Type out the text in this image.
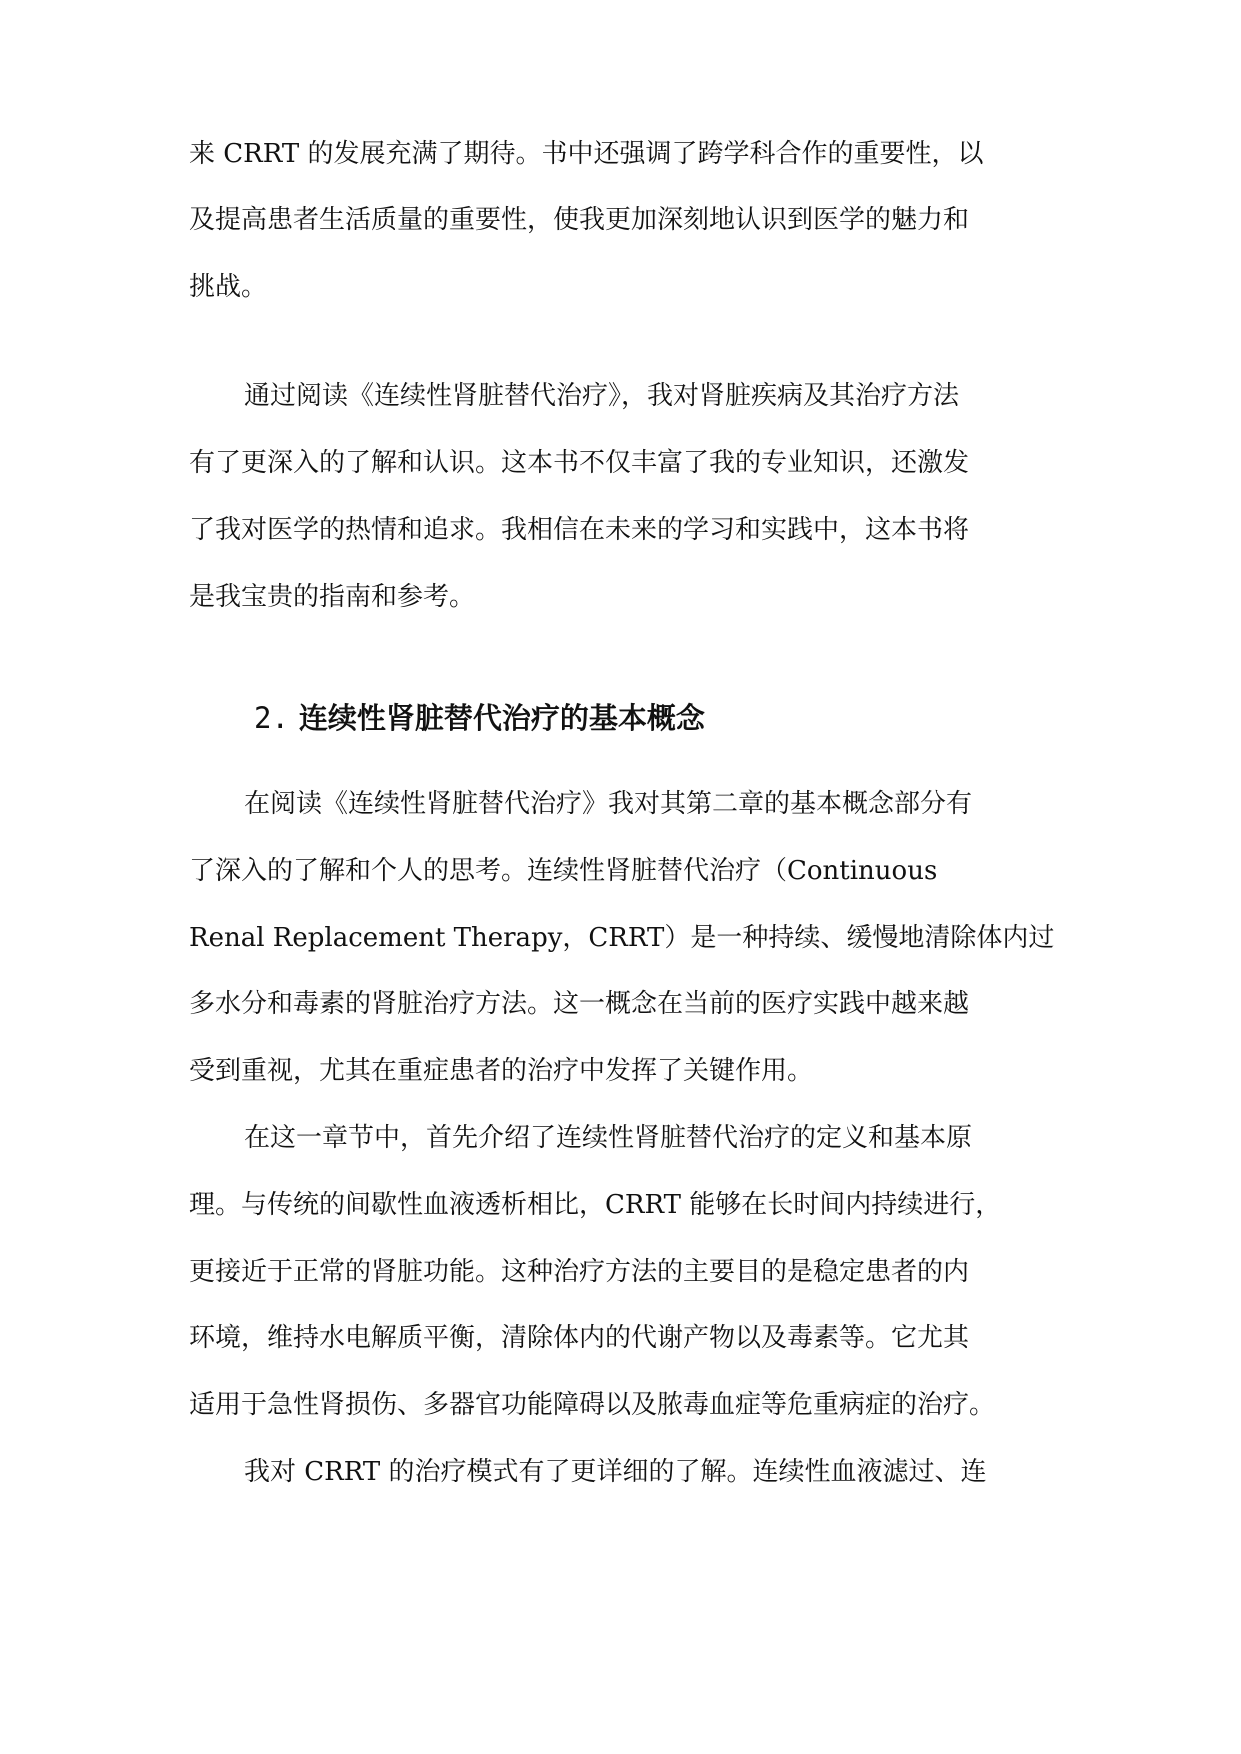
来 CRRT 的发展充满了期待。书中还强调了跨学科合作的重要性，以
及提高患者生活质量的重要性，使我更加深刻地认识到医学的魅力和
挑战。
通过阅读《连续性肾脏替代治疗》，我对肾脏疾病及其治疗方法
有了更深入的了解和认识。这本书不仅丰富了我的专业知识，还激发
了我对医学的热情和追求。我相信在未来的学习和实践中，这本书将
是我宝贵的指南和参考。
2. 连续性肾脏替代治疗的基本概念
在阅读《连续性肾脏替代治疗》我对其第二章的基本概念部分有
了深入的了解和个人的思考。连续性肾脏替代治疗（Continuous
Renal Replacement Therapy，CRRT）是一种持续、缓慢地清除体内过
多水分和毒素的肾脏治疗方法。这一概念在当前的医疗实践中越来越
受到重视，尤其在重症患者的治疗中发挥了关键作用。
在这一章节中，首先介绍了连续性肾脏替代治疗的定义和基本原
理。与传统的间歇性血液透析相比，CRRT 能够在长时间内持续进行，
更接近于正常的肾脏功能。这种治疗方法的主要目的是稳定患者的内
环境，维持水电解质平衡，清除体内的代谢产物以及毒素等。它尤其
适用于急性肾损伤、多器官功能障碍以及脓毒血症等危重病症的治疗。
我对 CRRT 的治疗模式有了更详细的了解。连续性血液滤过、连
